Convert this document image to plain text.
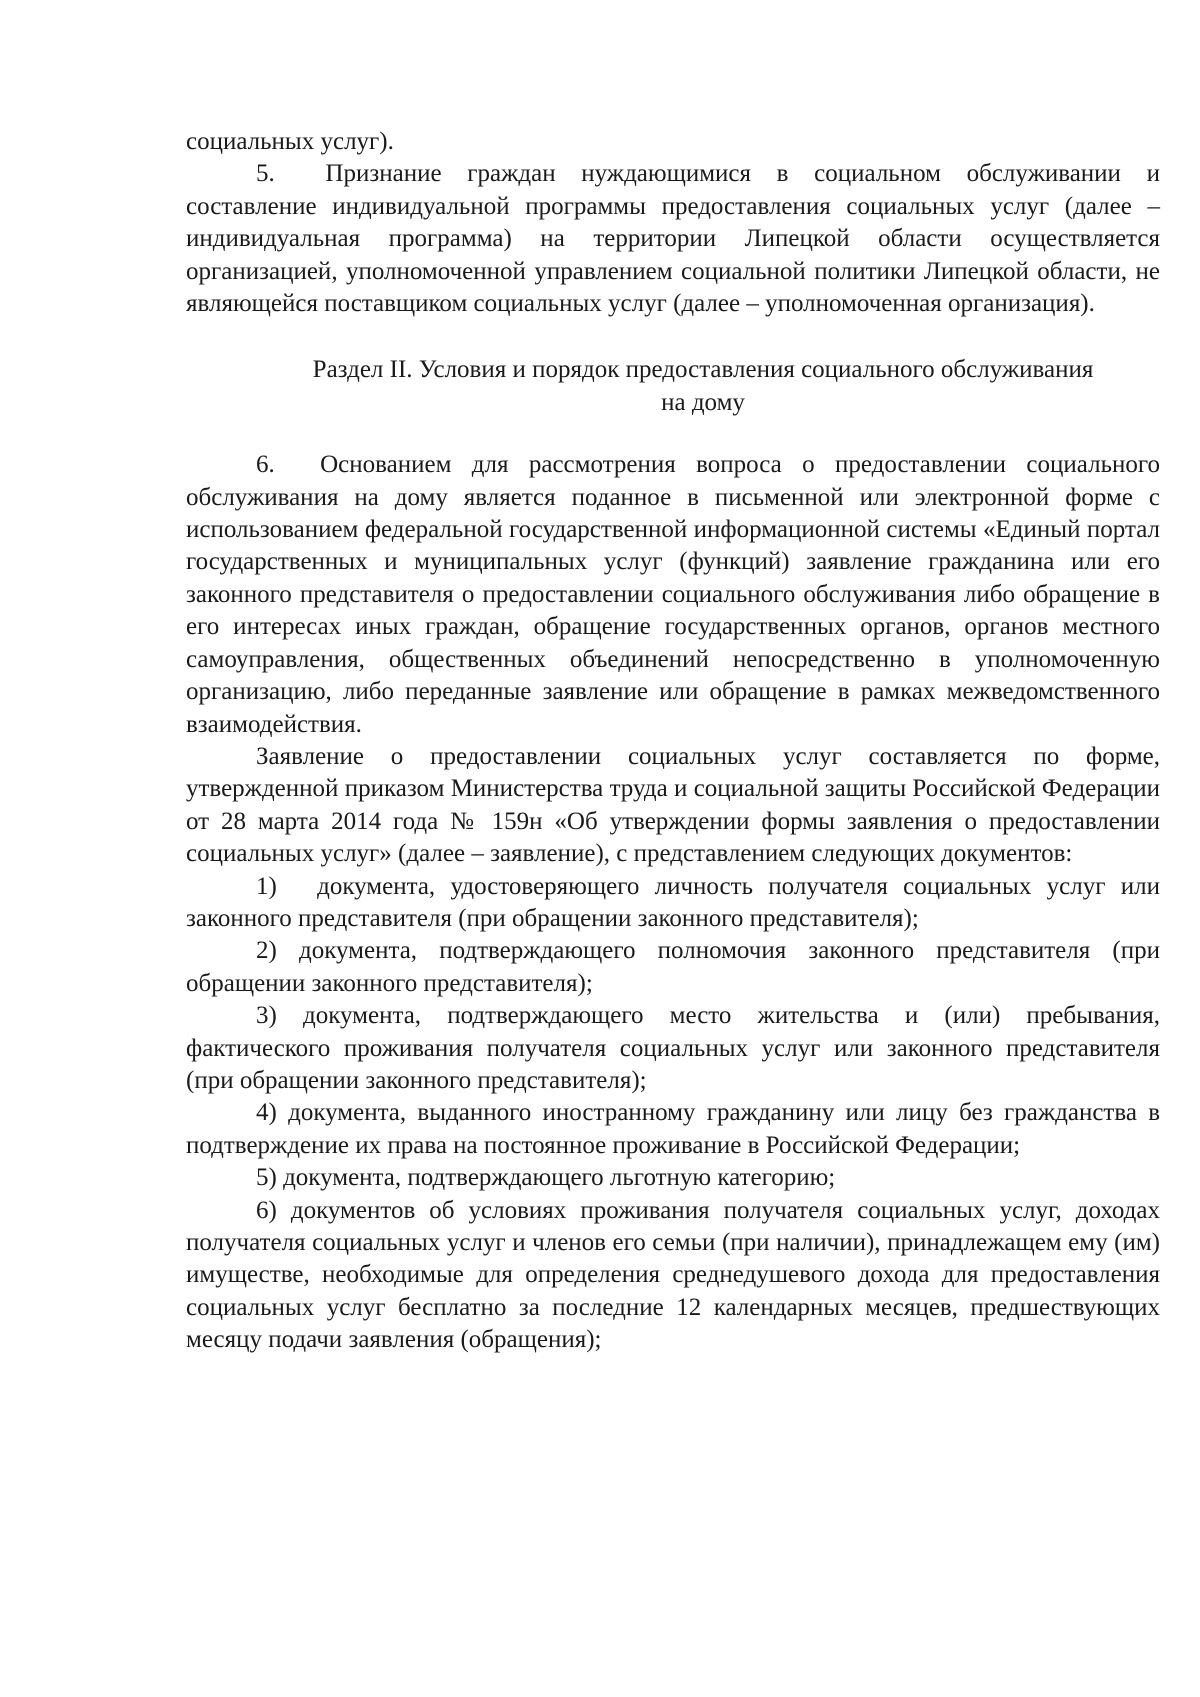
социальных услуг).

5.  Признание граждан нуждающимися в социальном обслуживании и составление индивидуальной программы предоставления социальных услуг (далее – индивидуальная программа) на территории Липецкой области осуществляется организацией, уполномоченной управлением социальной политики Липецкой области, не являющейся поставщиком социальных услуг (далее – уполномоченная организация).

Раздел II. Условия и порядок предоставления социального обслуживания
на дому

6.  Основанием для рассмотрения вопроса о предоставлении социального обслуживания на дому является поданное в письменной или электронной форме с использованием федеральной государственной информационной системы «Единый портал государственных и муниципальных услуг (функций) заявление гражданина или его законного представителя о предоставлении социального обслуживания либо обращение в его интересах иных граждан, обращение государственных органов, органов местного самоуправления, общественных объединений непосредственно в уполномоченную организацию, либо переданные заявление или обращение в рамках межведомственного взаимодействия.

Заявление о предоставлении социальных услуг составляется по форме, утвержденной приказом Министерства труда и социальной защиты Российской Федерации от 28 марта 2014 года № 159н «Об утверждении формы заявления о предоставлении социальных услуг» (далее – заявление), с представлением следующих документов:

1)  документа, удостоверяющего личность получателя социальных услуг или законного представителя (при обращении законного представителя);

2) документа, подтверждающего полномочия законного представителя (при обращении законного представителя);

3) документа, подтверждающего место жительства и (или) пребывания, фактического проживания получателя социальных услуг или законного представителя (при обращении законного представителя);

4) документа, выданного иностранному гражданину или лицу без гражданства в подтверждение их права на постоянное проживание в Российской Федерации;

5) документа, подтверждающего льготную категорию;

6) документов об условиях проживания получателя социальных услуг, доходах получателя социальных услуг и членов его семьи (при наличии), принадлежащем ему (им) имуществе, необходимые для определения среднедушевого дохода для предоставления социальных услуг бесплатно за последние 12 календарных месяцев, предшествующих месяцу подачи заявления (обращения);
